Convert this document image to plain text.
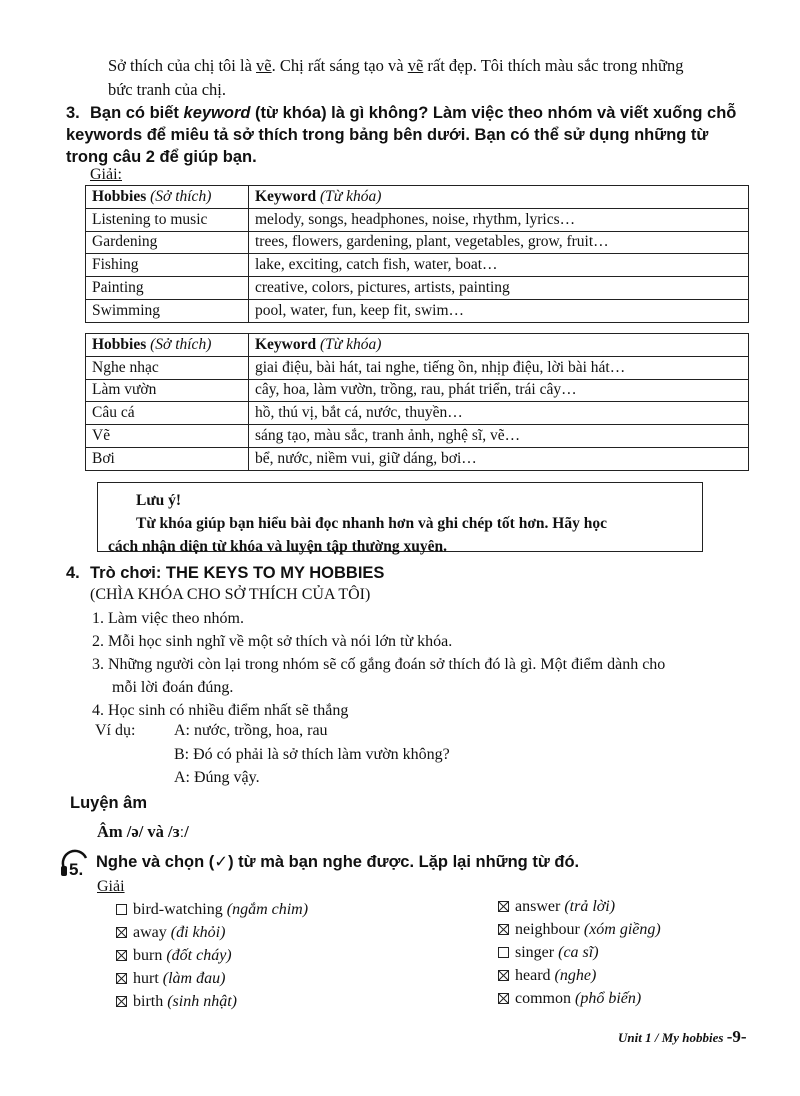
Sở thích của chị tôi là vẽ. Chị rất sáng tạo và vẽ rất đẹp. Tôi thích màu sắc trong những
bức tranh của chị.
3. Bạn có biết keyword (từ khóa) là gì không? Làm việc theo nhóm và viết xuống chỗ
keywords để miêu tả sở thích trong bảng bên dưới. Bạn có thể sử dụng những từ
trong câu 2 để giúp bạn.
Giải:
Hobbies (Sở thích)	Keyword (Từ khóa)
Listening to music	melody, songs, headphones, noise, rhythm, lyrics…
Gardening	trees, flowers, gardening, plant, vegetables, grow, fruit…
Fishing	lake, exciting, catch fish, water, boat…
Painting	creative, colors, pictures, artists, painting
Swimming	pool, water, fun, keep fit, swim…
Hobbies (Sở thích)	Keyword (Từ khóa)
Nghe nhạc	giai điệu, bài hát, tai nghe, tiếng ồn, nhịp điệu, lời bài hát…
Làm vườn	cây, hoa, làm vườn, trồng, rau, phát triển, trái cây…
Câu cá	hồ, thú vị, bắt cá, nước, thuyền…
Vẽ	sáng tạo, màu sắc, tranh ảnh, nghệ sĩ, vẽ…
Bơi	bể, nước, niềm vui, giữ dáng, bơi…
Lưu ý!
Từ khóa giúp bạn hiểu bài đọc nhanh hơn và ghi chép tốt hơn. Hãy học
cách nhận diện từ khóa và luyện tập thường xuyên.
4. Trò chơi: THE KEYS TO MY HOBBIES
(CHÌA KHÓA CHO SỞ THÍCH CỦA TÔI)
1. Làm việc theo nhóm.
2. Mỗi học sinh nghĩ về một sở thích và nói lớn từ khóa.
3. Những người còn lại trong nhóm sẽ cố gắng đoán sở thích đó là gì. Một điểm dành cho
mỗi lời đoán đúng.
4. Học sinh có nhiều điểm nhất sẽ thắng
Ví dụ: A: nước, trồng, hoa, rau
B: Đó có phải là sở thích làm vườn không?
A: Đúng vậy.
Luyện âm
Âm /ə/ và /ɜː/
5. Nghe và chọn (✓) từ mà bạn nghe được. Lặp lại những từ đó.
Giải
bird-watching (ngắm chim)
away (đi khỏi)
burn (đốt cháy)
hurt (làm đau)
birth (sinh nhật)
answer (trả lời)
neighbour (xóm giềng)
singer (ca sĩ)
heard (nghe)
common (phổ biến)
Unit 1 / My hobbies -9-
